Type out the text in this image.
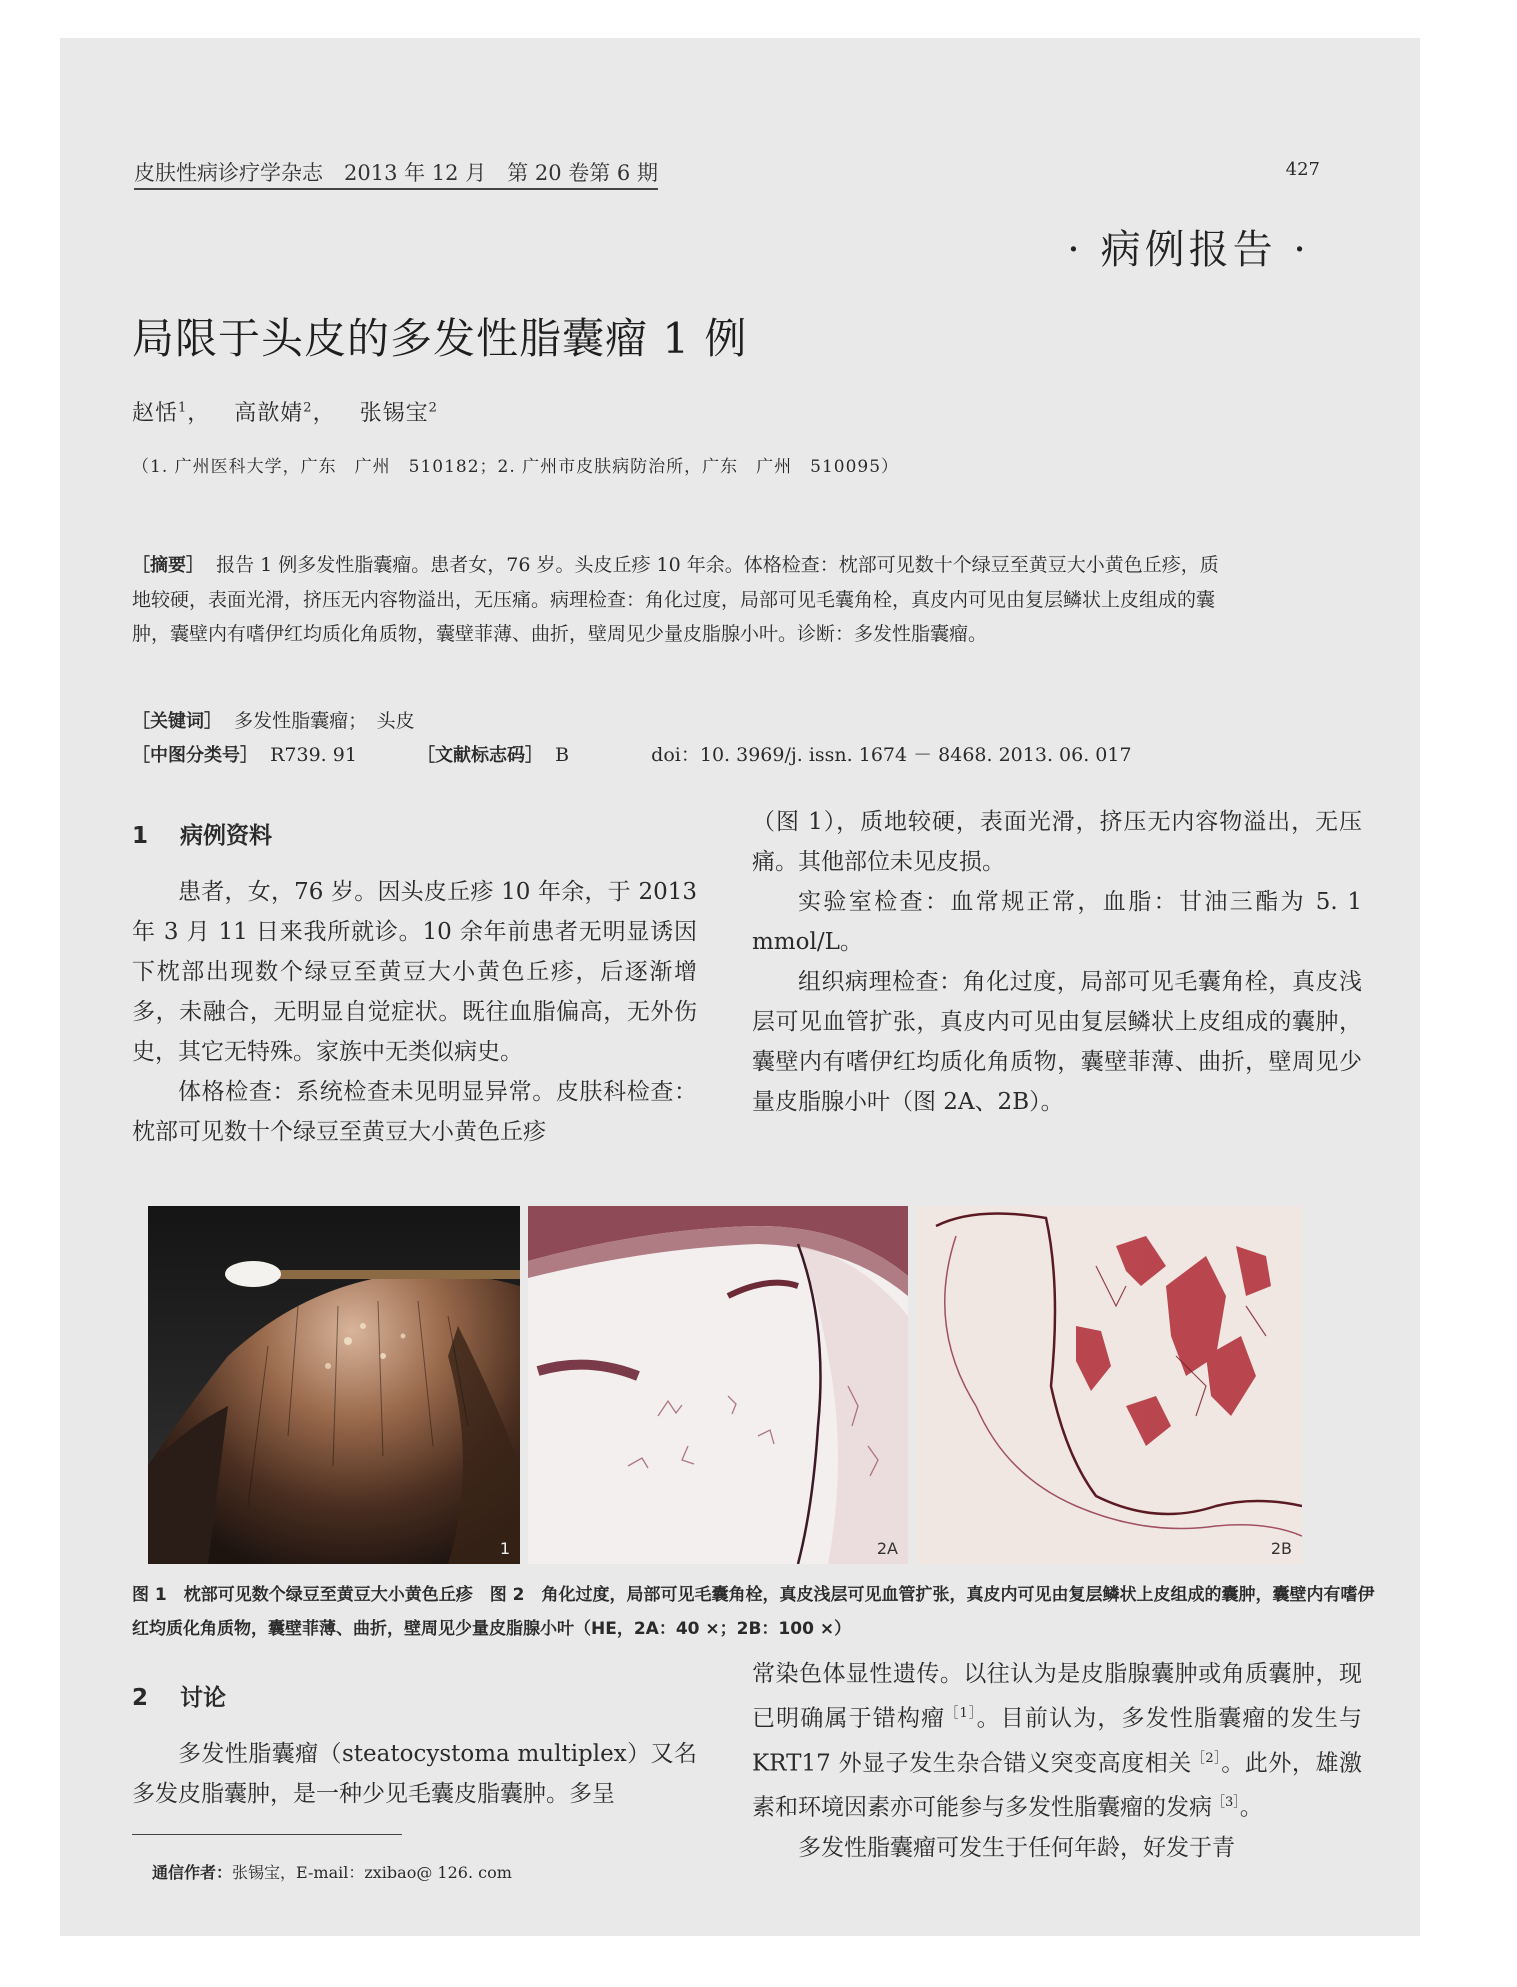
皮肤性病诊疗学杂志　2013 年 12 月　第 20 卷第 6 期	427
· 病例报告 ·
局限于头皮的多发性脂囊瘤 1 例
赵恬$^1$，   高歆婧$^2$，   张锡宝$^2$
（1. 广州医科大学，广东　广州　510182；2. 广州市皮肤病防治所，广东　广州　510095）
［摘要］ 报告 1 例多发性脂囊瘤。患者女，76 岁。头皮丘疹 10 年余。体格检查：枕部可见数十个绿豆至黄豆大小黄色丘疹，质地较硬，表面光滑，挤压无内容物溢出，无压痛。病理检查：角化过度，局部可见毛囊角栓，真皮内可见由复层鳞状上皮组成的囊肿，囊壁内有嗜伊红均质化角质物，囊壁菲薄、曲折，壁周见少量皮脂腺小叶。诊断：多发性脂囊瘤。
［关键词］ 多发性脂囊瘤；　头皮
［中图分类号］ R739. 91	［文献标志码］ B	doi：10. 3969/j. issn. 1674 － 8468. 2013. 06. 017
1 病例资料

患者，女，76 岁。因头皮丘疹 10 年余，于 2013 年 3 月 11 日来我所就诊。10 余年前患者无明显诱因下枕部出现数个绿豆至黄豆大小黄色丘疹，后逐渐增多，未融合，无明显自觉症状。既往血脂偏高，无外伤史，其它无特殊。家族中无类似病史。

体格检查：系统检查未见明显异常。皮肤科检查：枕部可见数十个绿豆至黄豆大小黄色丘疹

（图 1），质地较硬，表面光滑，挤压无内容物溢出，无压痛。其他部位未见皮损。

实验室检查：血常规正常，血脂：甘油三酯为 5. 1 mmol/L。

组织病理检查：角化过度，局部可见毛囊角栓，真皮浅层可见血管扩张，真皮内可见由复层鳞状上皮组成的囊肿，囊壁内有嗜伊红均质化角质物，囊壁菲薄、曲折，壁周见少量皮脂腺小叶（图 2A、2B）。

1	2A	2B
图 1　枕部可见数个绿豆至黄豆大小黄色丘疹　图 2　角化过度，局部可见毛囊角栓，真皮浅层可见血管扩张，真皮内可见由复层鳞状上皮组成的囊肿，囊壁内有嗜伊红均质化角质物，囊壁菲薄、曲折，壁周见少量皮脂腺小叶（HE，2A：40 ×；2B：100 ×）
2 讨论

多发性脂囊瘤（steatocystoma multiplex）又名多发皮脂囊肿，是一种少见毛囊皮脂囊肿。多呈

常染色体显性遗传。以往认为是皮脂腺囊肿或角质囊肿，现已明确属于错构瘤$^{[1]}$。目前认为，多发性脂囊瘤的发生与 KRT17 外显子发生杂合错义突变高度相关$^{[2]}$。此外，雄激素和环境因素亦可能参与多发性脂囊瘤的发病$^{[3]}$。

多发性脂囊瘤可发生于任何年龄，好发于青

通信作者：张锡宝，E-mail：zxibao@ 126. com
